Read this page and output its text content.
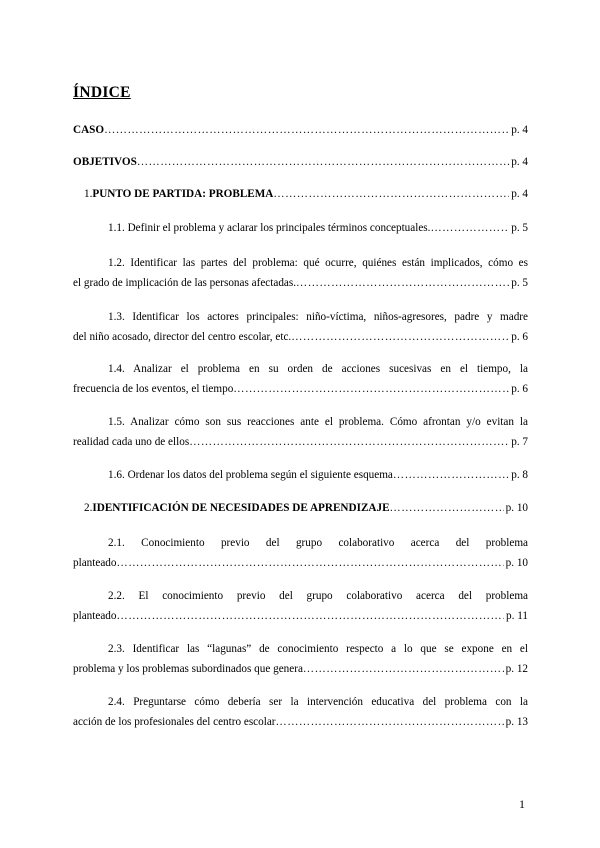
ÍNDICE
CASO ……………………………………………………………………………………………………………………………………………………………………………………………………	p. 4
OBJETIVOS ……………………………………………………………………………………………………………………………………………………………………………………………………	p. 4
1. PUNTO DE PARTIDA: PROBLEMA ……………………………………………………………………………………………………………………………………………………………………………………………………	p. 4
1.1. Definir el problema y aclarar los principales términos conceptuales. ……………………………………………………………………………………………………………………………………………………………………………………………………	p. 5
1.2. Identificar las partes del problema: qué ocurre, quiénes están implicados, cómo es
el grado de implicación de las personas afectadas. ……………………………………………………………………………………………………………………………………………………………………………………………………	p. 5
1.3. Identificar los actores principales: niño-víctima, niños-agresores, padre y madre
del niño acosado, director del centro escolar, etc. ……………………………………………………………………………………………………………………………………………………………………………………………………	p. 6
1.4. Analizar el problema en su orden de acciones sucesivas en el tiempo, la
frecuencia de los eventos, el tiempo ……………………………………………………………………………………………………………………………………………………………………………………………………	p. 6
1.5. Analizar cómo son sus reacciones ante el problema. Cómo afrontan y/o evitan la
realidad cada uno de ellos ……………………………………………………………………………………………………………………………………………………………………………………………………	p. 7
1.6. Ordenar los datos del problema según el siguiente esquema ……………………………………………………………………………………………………………………………………………………………………………………………………	p. 8
2. IDENTIFICACIÓN DE NECESIDADES DE APRENDIZAJE ……………………………………………………………………………………………………………………………………………………………………………………………………	p. 10
2.1. Conocimiento previo del grupo colaborativo acerca del problema
planteado ……………………………………………………………………………………………………………………………………………………………………………………………………	p. 10
2.2. El conocimiento previo del grupo colaborativo acerca del problema
planteado ……………………………………………………………………………………………………………………………………………………………………………………………………	p. 11
2.3. Identificar las “lagunas” de conocimiento respecto a lo que se expone en el
problema y los problemas subordinados que genera ……………………………………………………………………………………………………………………………………………………………………………………………………	p. 12
2.4. Preguntarse cómo debería ser la intervención educativa del problema con la
acción de los profesionales del centro escolar ……………………………………………………………………………………………………………………………………………………………………………………………………	p. 13
1
